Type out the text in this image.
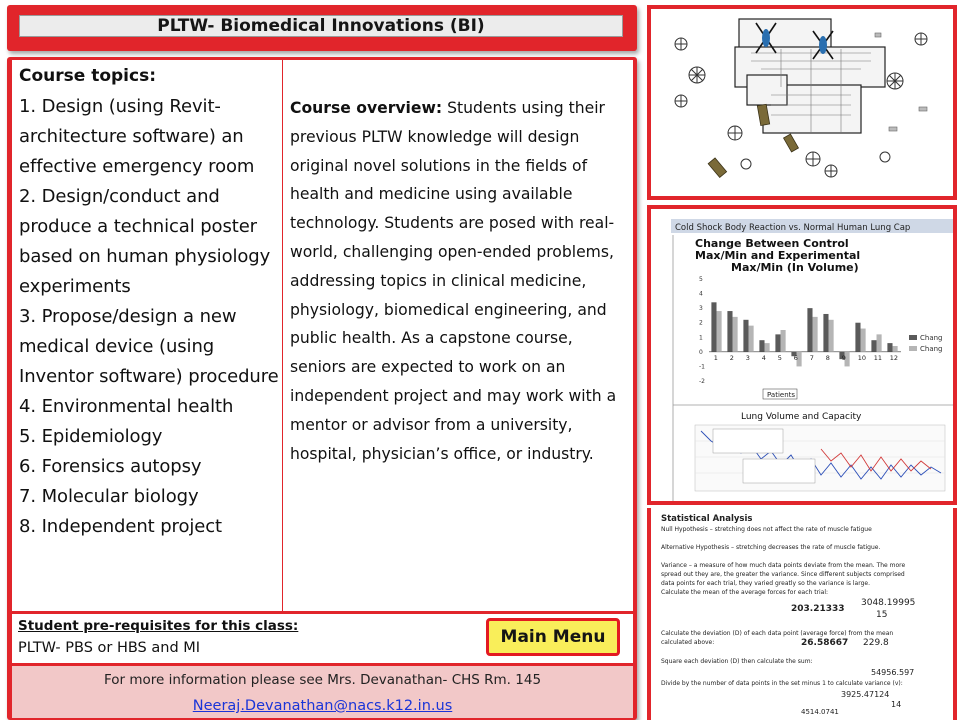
PLTW- Biomedical Innovations (BI)
Course topics:
1. Design (using Revit-architecture software) an effective emergency room
2. Design/conduct and produce a technical poster based on human physiology experiments
3. Propose/design a new medical device (using Inventor software) procedure
4. Environmental health
5. Epidemiology
6. Forensics autopsy
7. Molecular biology
8. Independent project
Course overview: Students using their previous PLTW knowledge will design original novel solutions in the fields of health and medicine using available technology. Students are posed with real-world, challenging open-ended problems, addressing topics in clinical medicine, physiology, biomedical engineering, and public health. As a capstone course, seniors are expected to work on an independent project and may work with a mentor or advisor from a university, hospital, physician’s office, or industry.
Student pre-requisites for this class:
PLTW- PBS or HBS and MI
Main Menu
For more information please see Mrs. Devanathan- CHS Rm. 145
Neeraj.Devanathan@nacs.k12.in.us
Cold Shock Body Reaction vs. Normal Human Lung Cap
Change Between Control
Max/Min and Experimental
Max/Min (In Volume)
-2
-1
0
1
2
3
4
5
1 2 3 4 5 6 7 8 9 10 11 12
Patients
Chang
Chang
Lung Volume and Capacity
Statistical Analysis
Null Hypothesis – stretching does not affect the rate of muscle fatigue
Alternative Hypothesis – stretching decreases the rate of muscle fatigue.
Variance – a measure of how much data points deviate from the mean. The more
spread out they are, the greater the variance. Since different subjects comprised
data points for each trial, they varied greatly so the variance is large.
Calculate the mean of the average forces for each trial:
203.21333
3048.19995
15
Calculate the deviation (D) of each data point (average force) from the mean
calculated above:	26.58667 229.8
Square each deviation (D) then calculate the sum:
54956.597
Divide by the number of data points in the set minus 1 to calculate variance (v):
3925.47124
14
4514.0741
